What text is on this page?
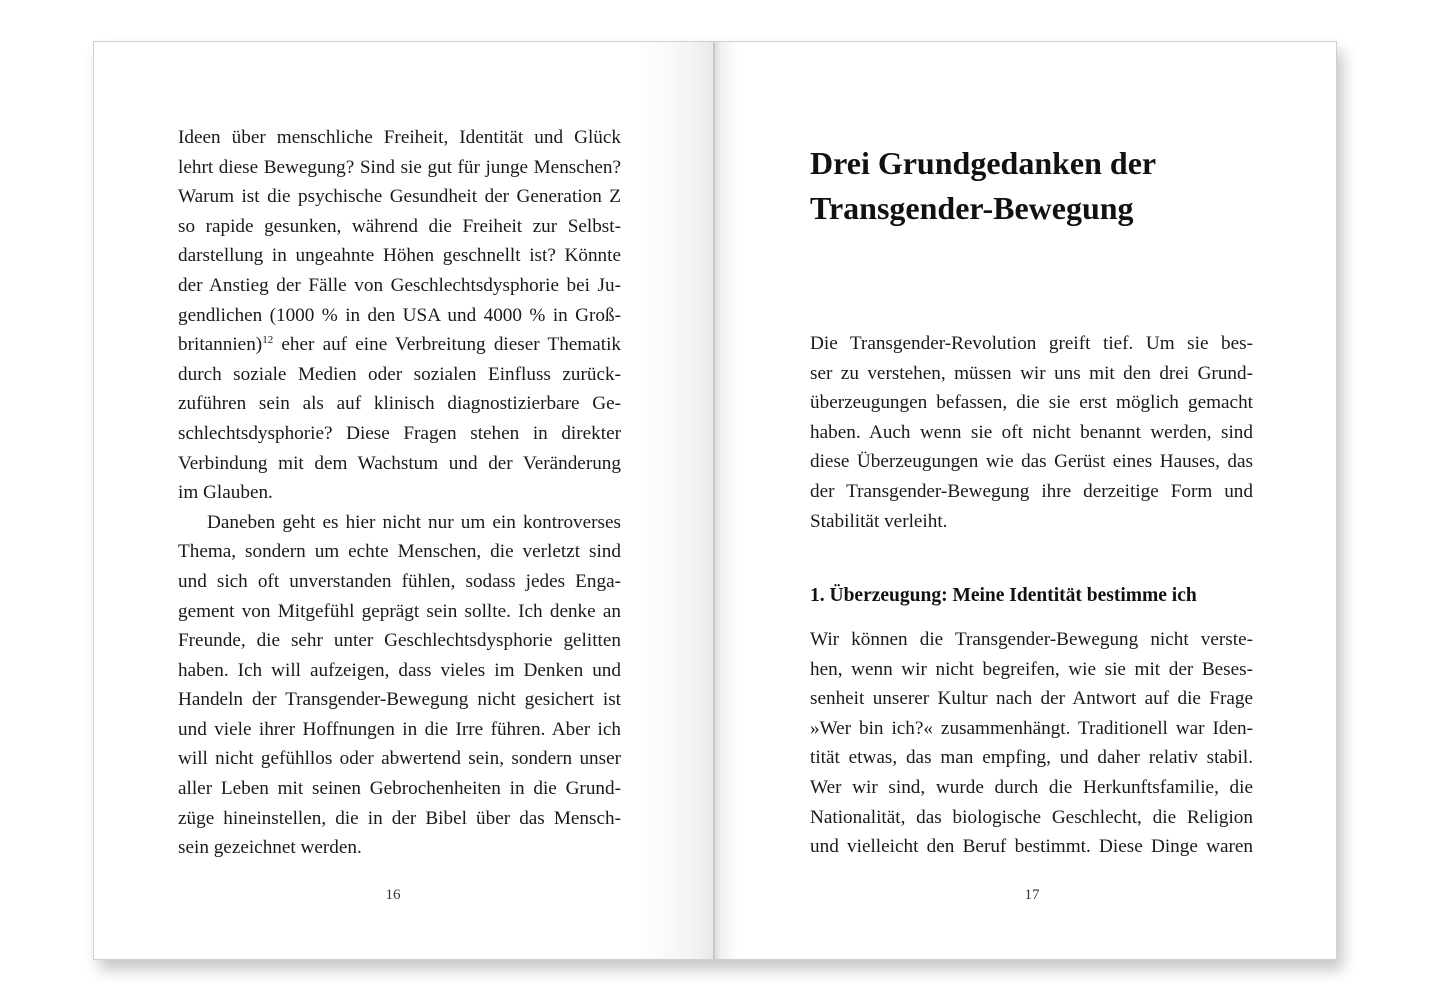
Ideen über menschliche Freiheit, Identität und Glück
lehrt diese Bewegung? Sind sie gut für junge Menschen?
Warum ist die psychische Gesundheit der Generation Z
so rapide gesunken, während die Freiheit zur Selbst-
darstellung in ungeahnte Höhen geschnellt ist? Könnte
der Anstieg der Fälle von Geschlechtsdysphorie bei Ju-
gendlichen (1000 % in den USA und 4000 % in Groß-
britannien)$^{12}$ eher auf eine Verbreitung dieser Thematik
durch soziale Medien oder sozialen Einfluss zurück-
zuführen sein als auf klinisch diagnostizierbare Ge-
schlechtsdysphorie? Diese Fragen stehen in direkter
Verbindung mit dem Wachstum und der Veränderung
im Glauben.
Daneben geht es hier nicht nur um ein kontroverses
Thema, sondern um echte Menschen, die verletzt sind
und sich oft unverstanden fühlen, sodass jedes Enga-
gement von Mitgefühl geprägt sein sollte. Ich denke an
Freunde, die sehr unter Geschlechtsdysphorie gelitten
haben. Ich will aufzeigen, dass vieles im Denken und
Handeln der Transgender-Bewegung nicht gesichert ist
und viele ihrer Hoffnungen in die Irre führen. Aber ich
will nicht gefühllos oder abwertend sein, sondern unser
aller Leben mit seinen Gebrochenheiten in die Grund-
züge hineinstellen, die in der Bibel über das Mensch-
sein gezeichnet werden.
16
Drei Grundgedanken der
Transgender-Bewegung
Die Transgender-Revolution greift tief. Um sie bes-
ser zu verstehen, müssen wir uns mit den drei Grund-
überzeugungen befassen, die sie erst möglich gemacht
haben. Auch wenn sie oft nicht benannt werden, sind
diese Überzeugungen wie das Gerüst eines Hauses, das
der Transgender-Bewegung ihre derzeitige Form und
Stabilität verleiht.
1. Überzeugung: Meine Identität bestimme ich
Wir können die Transgender-Bewegung nicht verste-
hen, wenn wir nicht begreifen, wie sie mit der Beses-
senheit unserer Kultur nach der Antwort auf die Frage
»Wer bin ich?« zusammenhängt. Traditionell war Iden-
tität etwas, das man empfing, und daher relativ stabil.
Wer wir sind, wurde durch die Herkunftsfamilie, die
Nationalität, das biologische Geschlecht, die Religion
und vielleicht den Beruf bestimmt. Diese Dinge waren
17
